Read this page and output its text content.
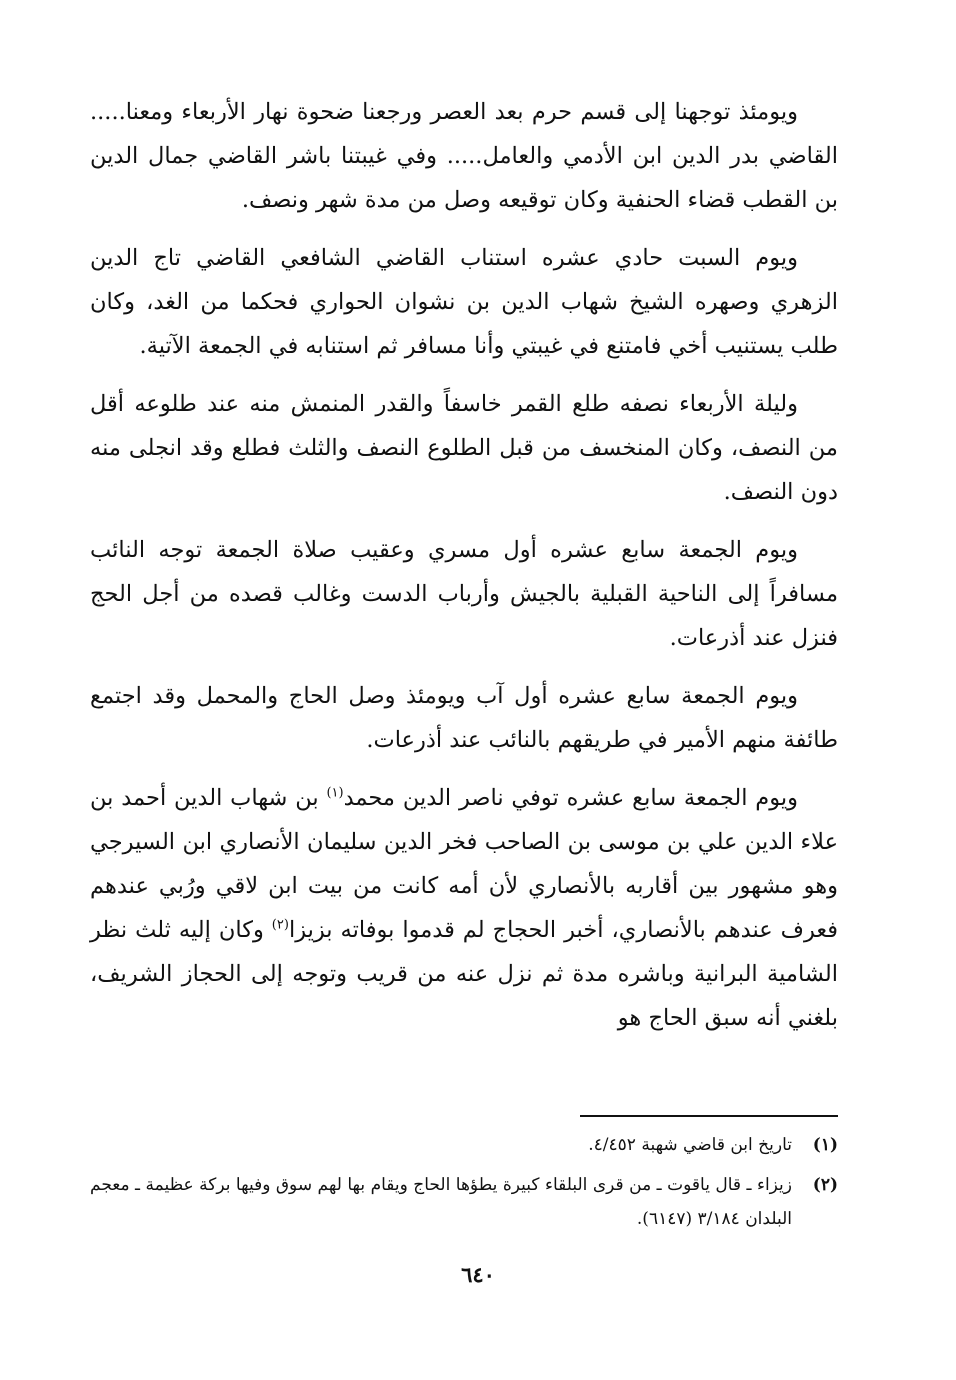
ويومئذ توجهنا إلى قسم حرم بعد العصر ورجعنا ضحوة نهار الأربعاء ومعنا..... القاضي بدر الدين ابن الأدمي والعامل..... وفي غيبتنا باشر القاضي جمال الدين بن القطب قضاء الحنفية وكان توقيعه وصل من مدة شهر ونصف.

ويوم السبت حادي عشره استناب القاضي الشافعي القاضي تاج الدين الزهري وصهره الشيخ شهاب الدين بن نشوان الحواري فحكما من الغد، وكان طلب يستنيب أخي فامتنع في غيبتي وأنا مسافر ثم استنابه في الجمعة الآتية.

وليلة الأربعاء نصفه طلع القمر خاسفاً والقدر المنمش منه عند طلوعه أقل من النصف، وكان المنخسف من قبل الطلوع النصف والثلث فطلع وقد انجلى منه دون النصف.

ويوم الجمعة سابع عشره أول مسري وعقيب صلاة الجمعة توجه النائب مسافراً إلى الناحية القبلية بالجيش وأرباب الدست وغالب قصده من أجل الحج فنزل عند أذرعات.

ويوم الجمعة سابع عشره أول آب ويومئذ وصل الحاج والمحمل وقد اجتمع طائفة منهم الأمير في طريقهم بالنائب عند أذرعات.

ويوم الجمعة سابع عشره توفي ناصر الدين محمد$^{(١)}$ بن شهاب الدين أحمد بن علاء الدين علي بن موسى بن الصاحب فخر الدين سليمان الأنصاري ابن السيرجي وهو مشهور بين أقاربه بالأنصاري لأن أمه كانت من بيت ابن لاقي ورُبي عندهم فعرف عندهم بالأنصاري، أخبر الحجاج لم قدموا بوفاته بزيزا$^{(٢)}$ وكان إليه ثلث نظر الشامية البرانية وباشره مدة ثم نزل عنه من قريب وتوجه إلى الحجاز الشريف، بلغني أنه سبق الحاج هو

(١)
تاريخ ابن قاضي شهبة ٤/٤٥٢.
(٢)
زيزاء ـ قال ياقوت ـ من قرى البلقاء كبيرة يطؤها الحاج ويقام بها لهم سوق وفيها بركة عظيمة ـ معجم البلدان ٣/١٨٤ (٦١٤٧).
٦٤٠
